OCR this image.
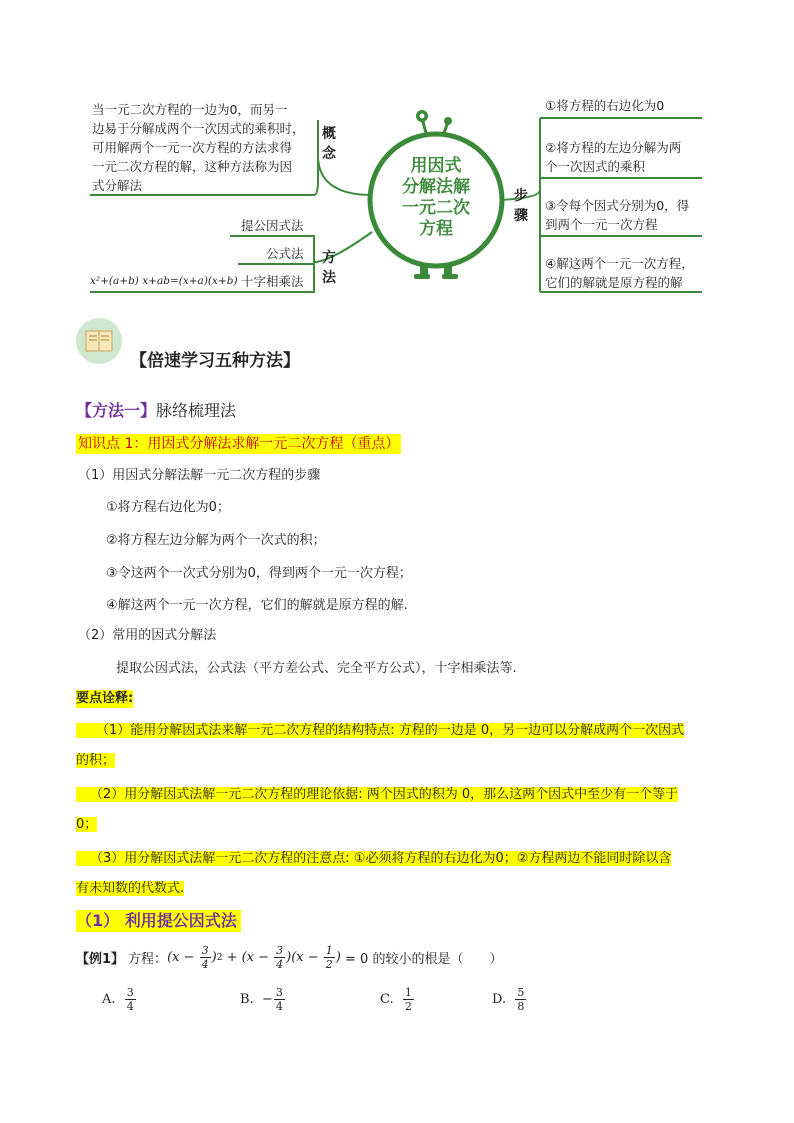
用因式
分解法解
一元二次
方程
概
念
方
法
步
骤
当一元二次方程的一边为0，而另一
边易于分解成两个一次因式的乘积时，
可用解两个一元一次方程的方法求得
一元二次方程的解，这种方法称为因
式分解法
提公因式法
公式法
十字相乘法
x²+(a+b) x+ab=(x+a)(x+b)
①将方程的右边化为0
②将方程的左边分解为两
个一次因式的乘积
③令每个因式分别为0，得
到两个一元一次方程
④解这两个一元一次方程，
它们的解就是原方程的解
【倍速学习五种方法】
【方法一】脉络梳理法
知识点 1：用因式分解法求解一元二次方程（重点）
（1）用因式分解法解一元二次方程的步骤
①将方程右边化为0；
②将方程左边分解为两个一次式的积；
③令这两个一次式分别为0，得到两个一元一次方程；
④解这两个一元一次方程，它们的解就是原方程的解.
（2）常用的因式分解法
提取公因式法，公式法（平方差公式、完全平方公式），十字相乘法等.
要点诠释:
（1）能用分解因式法来解一元二次方程的结构特点: 方程的一边是 0，另一边可以分解成两个一次因式
的积；
（2）用分解因式法解一元二次方程的理论依据: 两个因式的积为 0，那么这两个因式中至少有一个等于
0；
（3）用分解因式法解一元二次方程的注意点: ①必须将方程的右边化为0；②方程两边不能同时除以含
有未知数的代数式.
（1） 利用提公因式法
【例1】 方程： ($x - \frac{3}{4}$ ) $2 + (x - \frac{3}{4} )(x - \frac{1}{2}$ ) = 0 的较小的根是（　　）
A.
$\frac{3}{4}$	B.
− $\frac{3}{4}$	C.
$\frac{1}{2}$	D.
$\frac{5}{8}$
